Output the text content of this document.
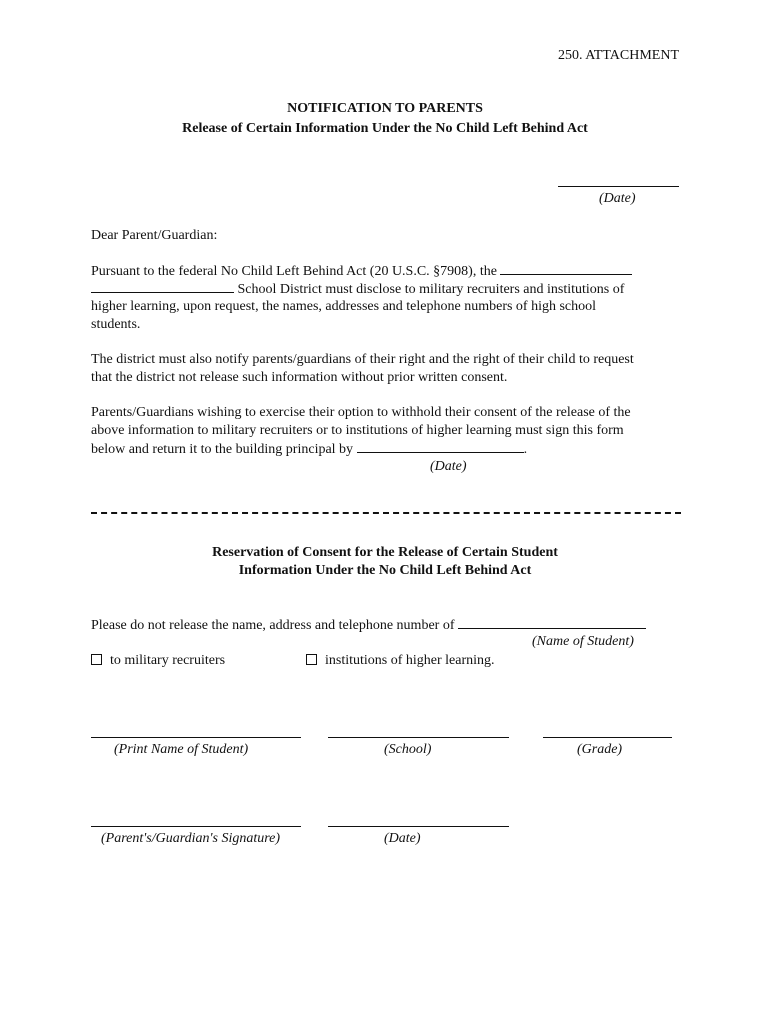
250. ATTACHMENT
NOTIFICATION TO PARENTS
Release of Certain Information Under the No Child Left Behind Act
(Date)
Dear Parent/Guardian:
Pursuant to the federal No Child Left Behind Act (20 U.S.C. §7908), the
School District must disclose to military recruiters and institutions of
higher learning, upon request, the names, addresses and telephone numbers of high school
students.
The district must also notify parents/guardians of their right and the right of their child to request
that the district not release such information without prior written consent.
Parents/Guardians wishing to exercise their option to withhold their consent of the release of the
above information to military recruiters or to institutions of higher learning must sign this form
below and return it to the building principal by	.
(Date)
Reservation of Consent for the Release of Certain Student
Information Under the No Child Left Behind Act
Please do not release the name, address and telephone number of
(Name of Student)
to military recruiters	institutions of higher learning.
(Print Name of Student)	(School)	(Grade)
(Parent's/Guardian's Signature)	(Date)
